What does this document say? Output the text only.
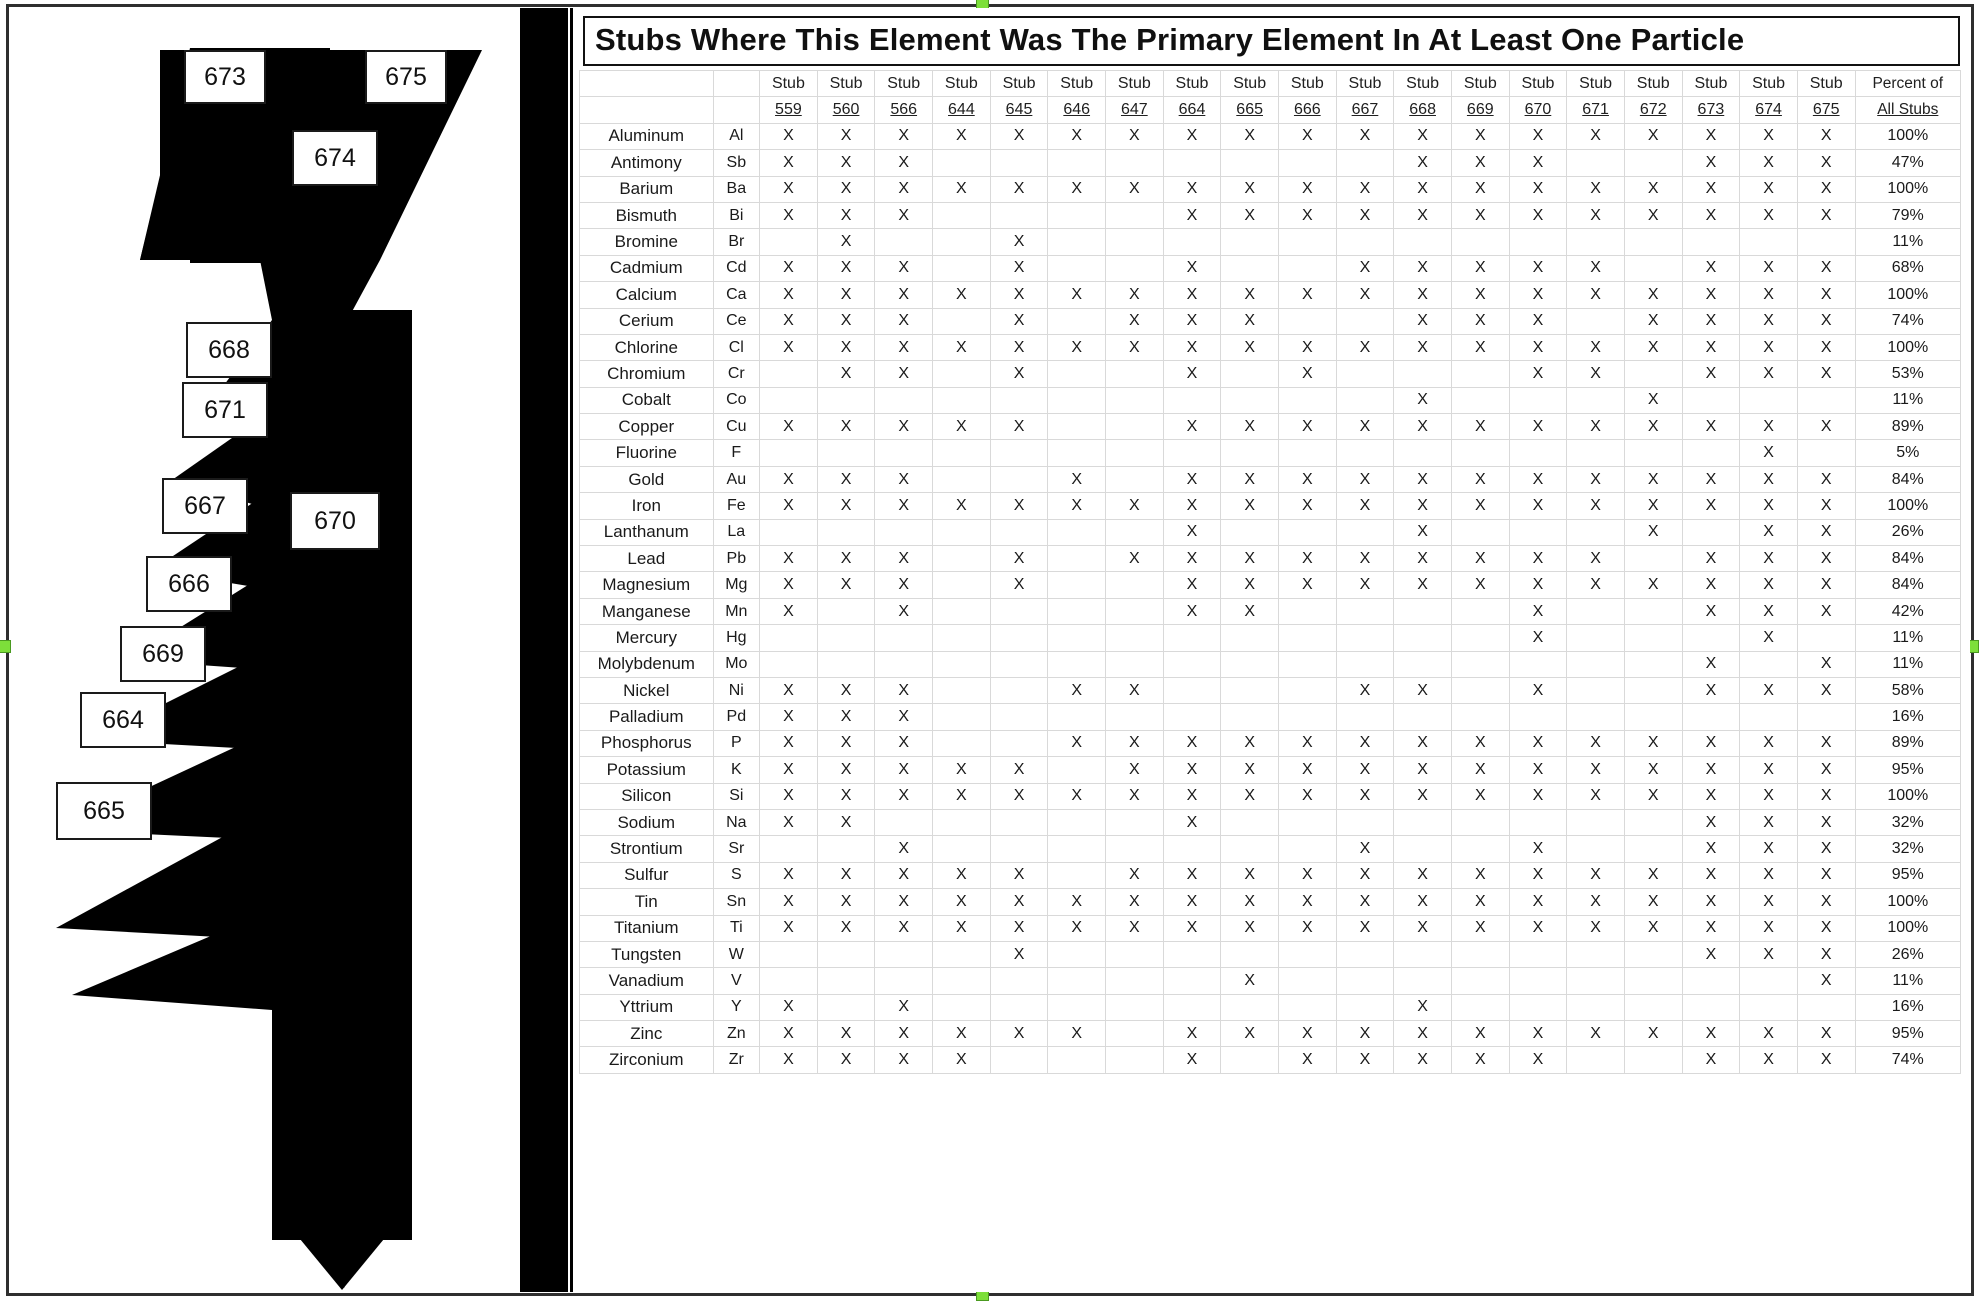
673	675
674
668
671
667
670
666
669
664
665
Stubs Where This Element Was The Primary Element In At Least One Particle
		Stub	Stub	Stub	Stub	Stub	Stub	Stub	Stub	Stub	Stub	Stub	Stub	Stub	Stub	Stub	Stub	Stub	Stub	Stub	Percent of
		559	560	566	644	645	646	647	664	665	666	667	668	669	670	671	672	673	674	675	All Stubs
Aluminum	Al	X	X	X	X	X	X	X	X	X	X	X	X	X	X	X	X	X	X	X	100%
Antimony	Sb	X	X	X									X	X	X			X	X	X	47%
Barium	Ba	X	X	X	X	X	X	X	X	X	X	X	X	X	X	X	X	X	X	X	100%
Bismuth	Bi	X	X	X					X	X	X	X	X	X	X	X	X	X	X	X	79%
Bromine	Br		X			X															11%
Cadmium	Cd	X	X	X		X			X			X	X	X	X	X		X	X	X	68%
Calcium	Ca	X	X	X	X	X	X	X	X	X	X	X	X	X	X	X	X	X	X	X	100%
Cerium	Ce	X	X	X		X		X	X	X			X	X	X		X	X	X	X	74%
Chlorine	Cl	X	X	X	X	X	X	X	X	X	X	X	X	X	X	X	X	X	X	X	100%
Chromium	Cr		X	X		X			X		X				X	X		X	X	X	53%
Cobalt	Co												X				X				11%
Copper	Cu	X	X	X	X	X			X	X	X	X	X	X	X	X	X	X	X	X	89%
Fluorine	F																		X		5%
Gold	Au	X	X	X			X		X	X	X	X	X	X	X	X	X	X	X	X	84%
Iron	Fe	X	X	X	X	X	X	X	X	X	X	X	X	X	X	X	X	X	X	X	100%
Lanthanum	La								X				X				X		X	X	26%
Lead	Pb	X	X	X		X		X	X	X	X	X	X	X	X	X		X	X	X	84%
Magnesium	Mg	X	X	X		X			X	X	X	X	X	X	X	X	X	X	X	X	84%
Manganese	Mn	X		X					X	X					X			X	X	X	42%
Mercury	Hg														X				X		11%
Molybdenum	Mo																	X		X	11%
Nickel	Ni	X	X	X			X	X				X	X		X			X	X	X	58%
Palladium	Pd	X	X	X																	16%
Phosphorus	P	X	X	X			X	X	X	X	X	X	X	X	X	X	X	X	X	X	89%
Potassium	K	X	X	X	X	X		X	X	X	X	X	X	X	X	X	X	X	X	X	95%
Silicon	Si	X	X	X	X	X	X	X	X	X	X	X	X	X	X	X	X	X	X	X	100%
Sodium	Na	X	X						X									X	X	X	32%
Strontium	Sr			X								X			X			X	X	X	32%
Sulfur	S	X	X	X	X	X		X	X	X	X	X	X	X	X	X	X	X	X	X	95%
Tin	Sn	X	X	X	X	X	X	X	X	X	X	X	X	X	X	X	X	X	X	X	100%
Titanium	Ti	X	X	X	X	X	X	X	X	X	X	X	X	X	X	X	X	X	X	X	100%
Tungsten	W					X												X	X	X	26%
Vanadium	V									X										X	11%
Yttrium	Y	X		X									X								16%
Zinc	Zn	X	X	X	X	X	X		X	X	X	X	X	X	X	X	X	X	X	X	95%
Zirconium	Zr	X	X	X	X				X		X	X	X	X	X			X	X	X	74%
